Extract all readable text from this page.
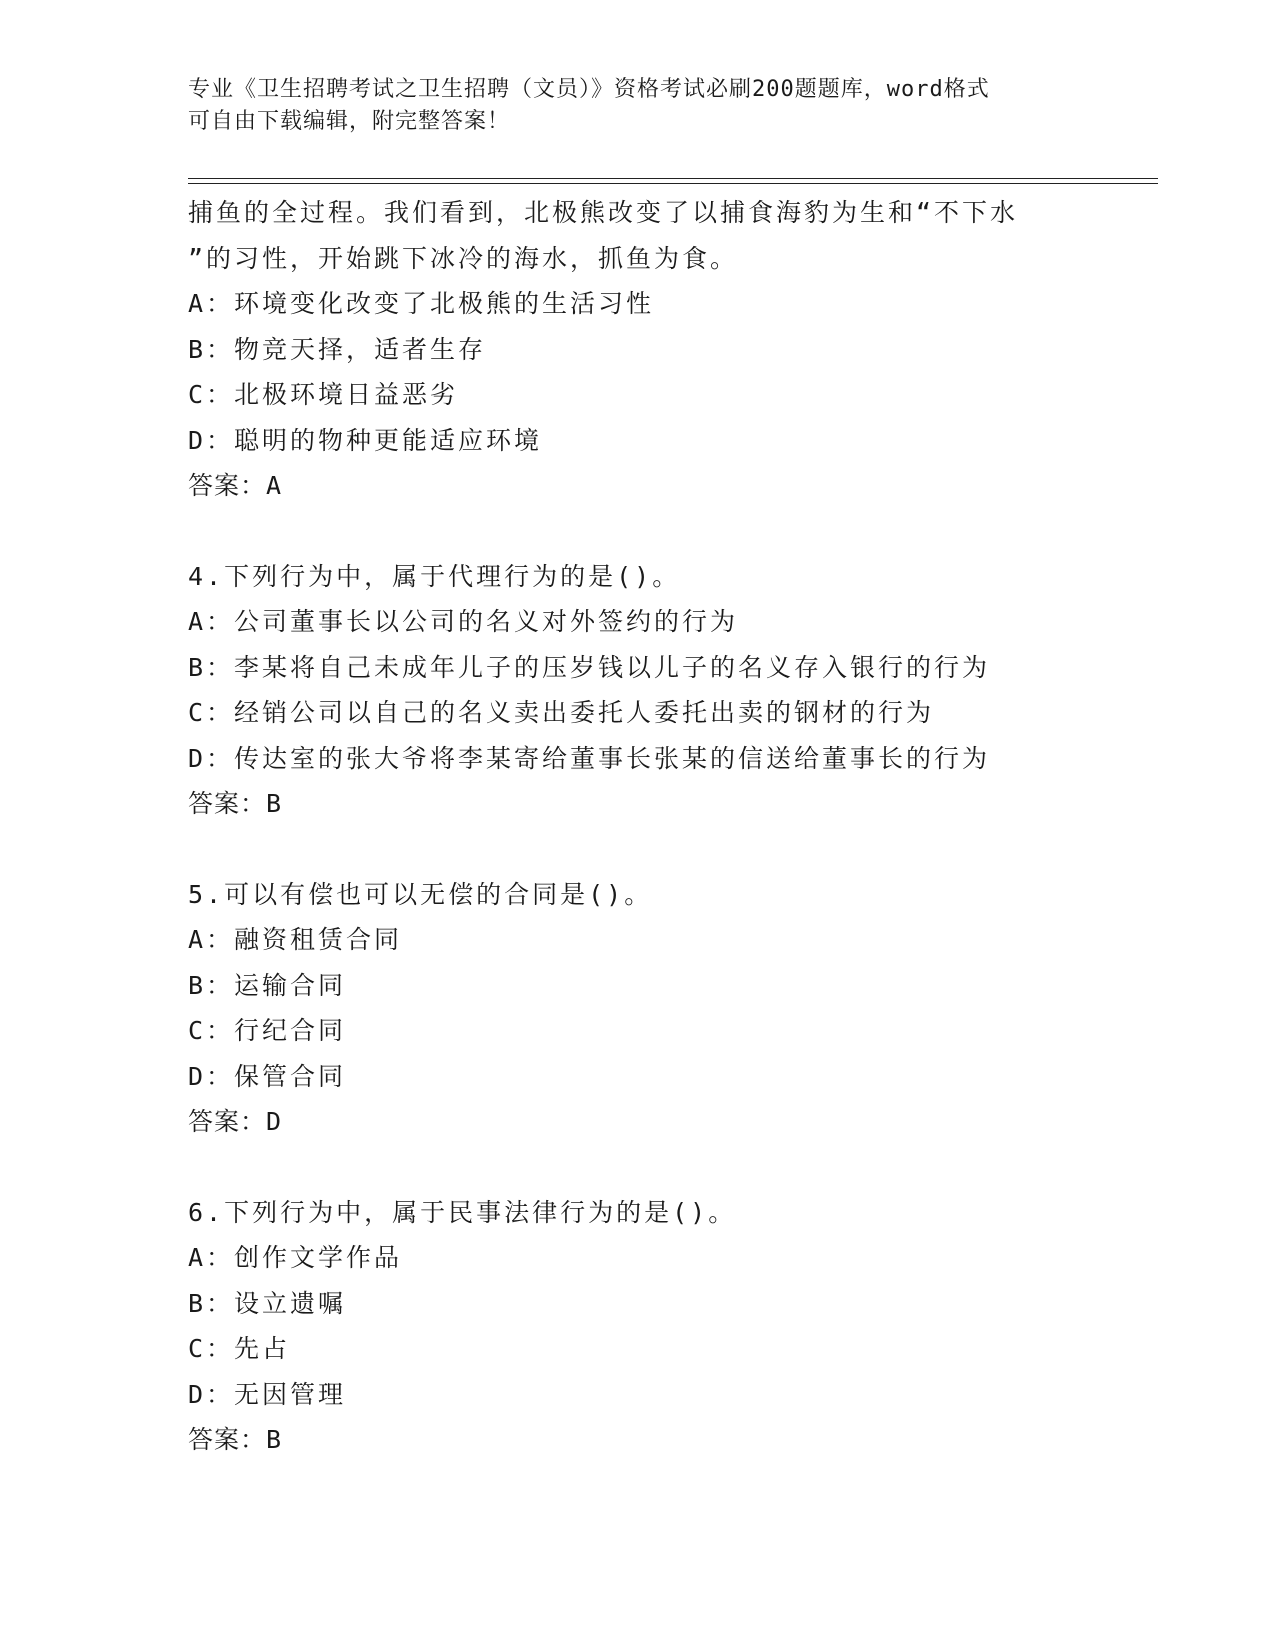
专业《卫生招聘考试之卫生招聘（文员）》资格考试必刷200题题库，word格式
可自由下载编辑，附完整答案！
捕鱼的全过程。我们看到，北极熊改变了以捕食海豹为生和“不下水
”的习性，开始跳下冰冷的海水，抓鱼为食。
A：环境变化改变了北极熊的生活习性
B：物竞天择，适者生存
C：北极环境日益恶劣
D：聪明的物种更能适应环境
答案：A
4.下列行为中，属于代理行为的是()。
A：公司董事长以公司的名义对外签约的行为
B：李某将自己未成年儿子的压岁钱以儿子的名义存入银行的行为
C：经销公司以自己的名义卖出委托人委托出卖的钢材的行为
D：传达室的张大爷将李某寄给董事长张某的信送给董事长的行为
答案：B
5.可以有偿也可以无偿的合同是()。
A：融资租赁合同
B：运输合同
C：行纪合同
D：保管合同
答案：D
6.下列行为中，属于民事法律行为的是()。
A：创作文学作品
B：设立遗嘱
C：先占
D：无因管理
答案：B
